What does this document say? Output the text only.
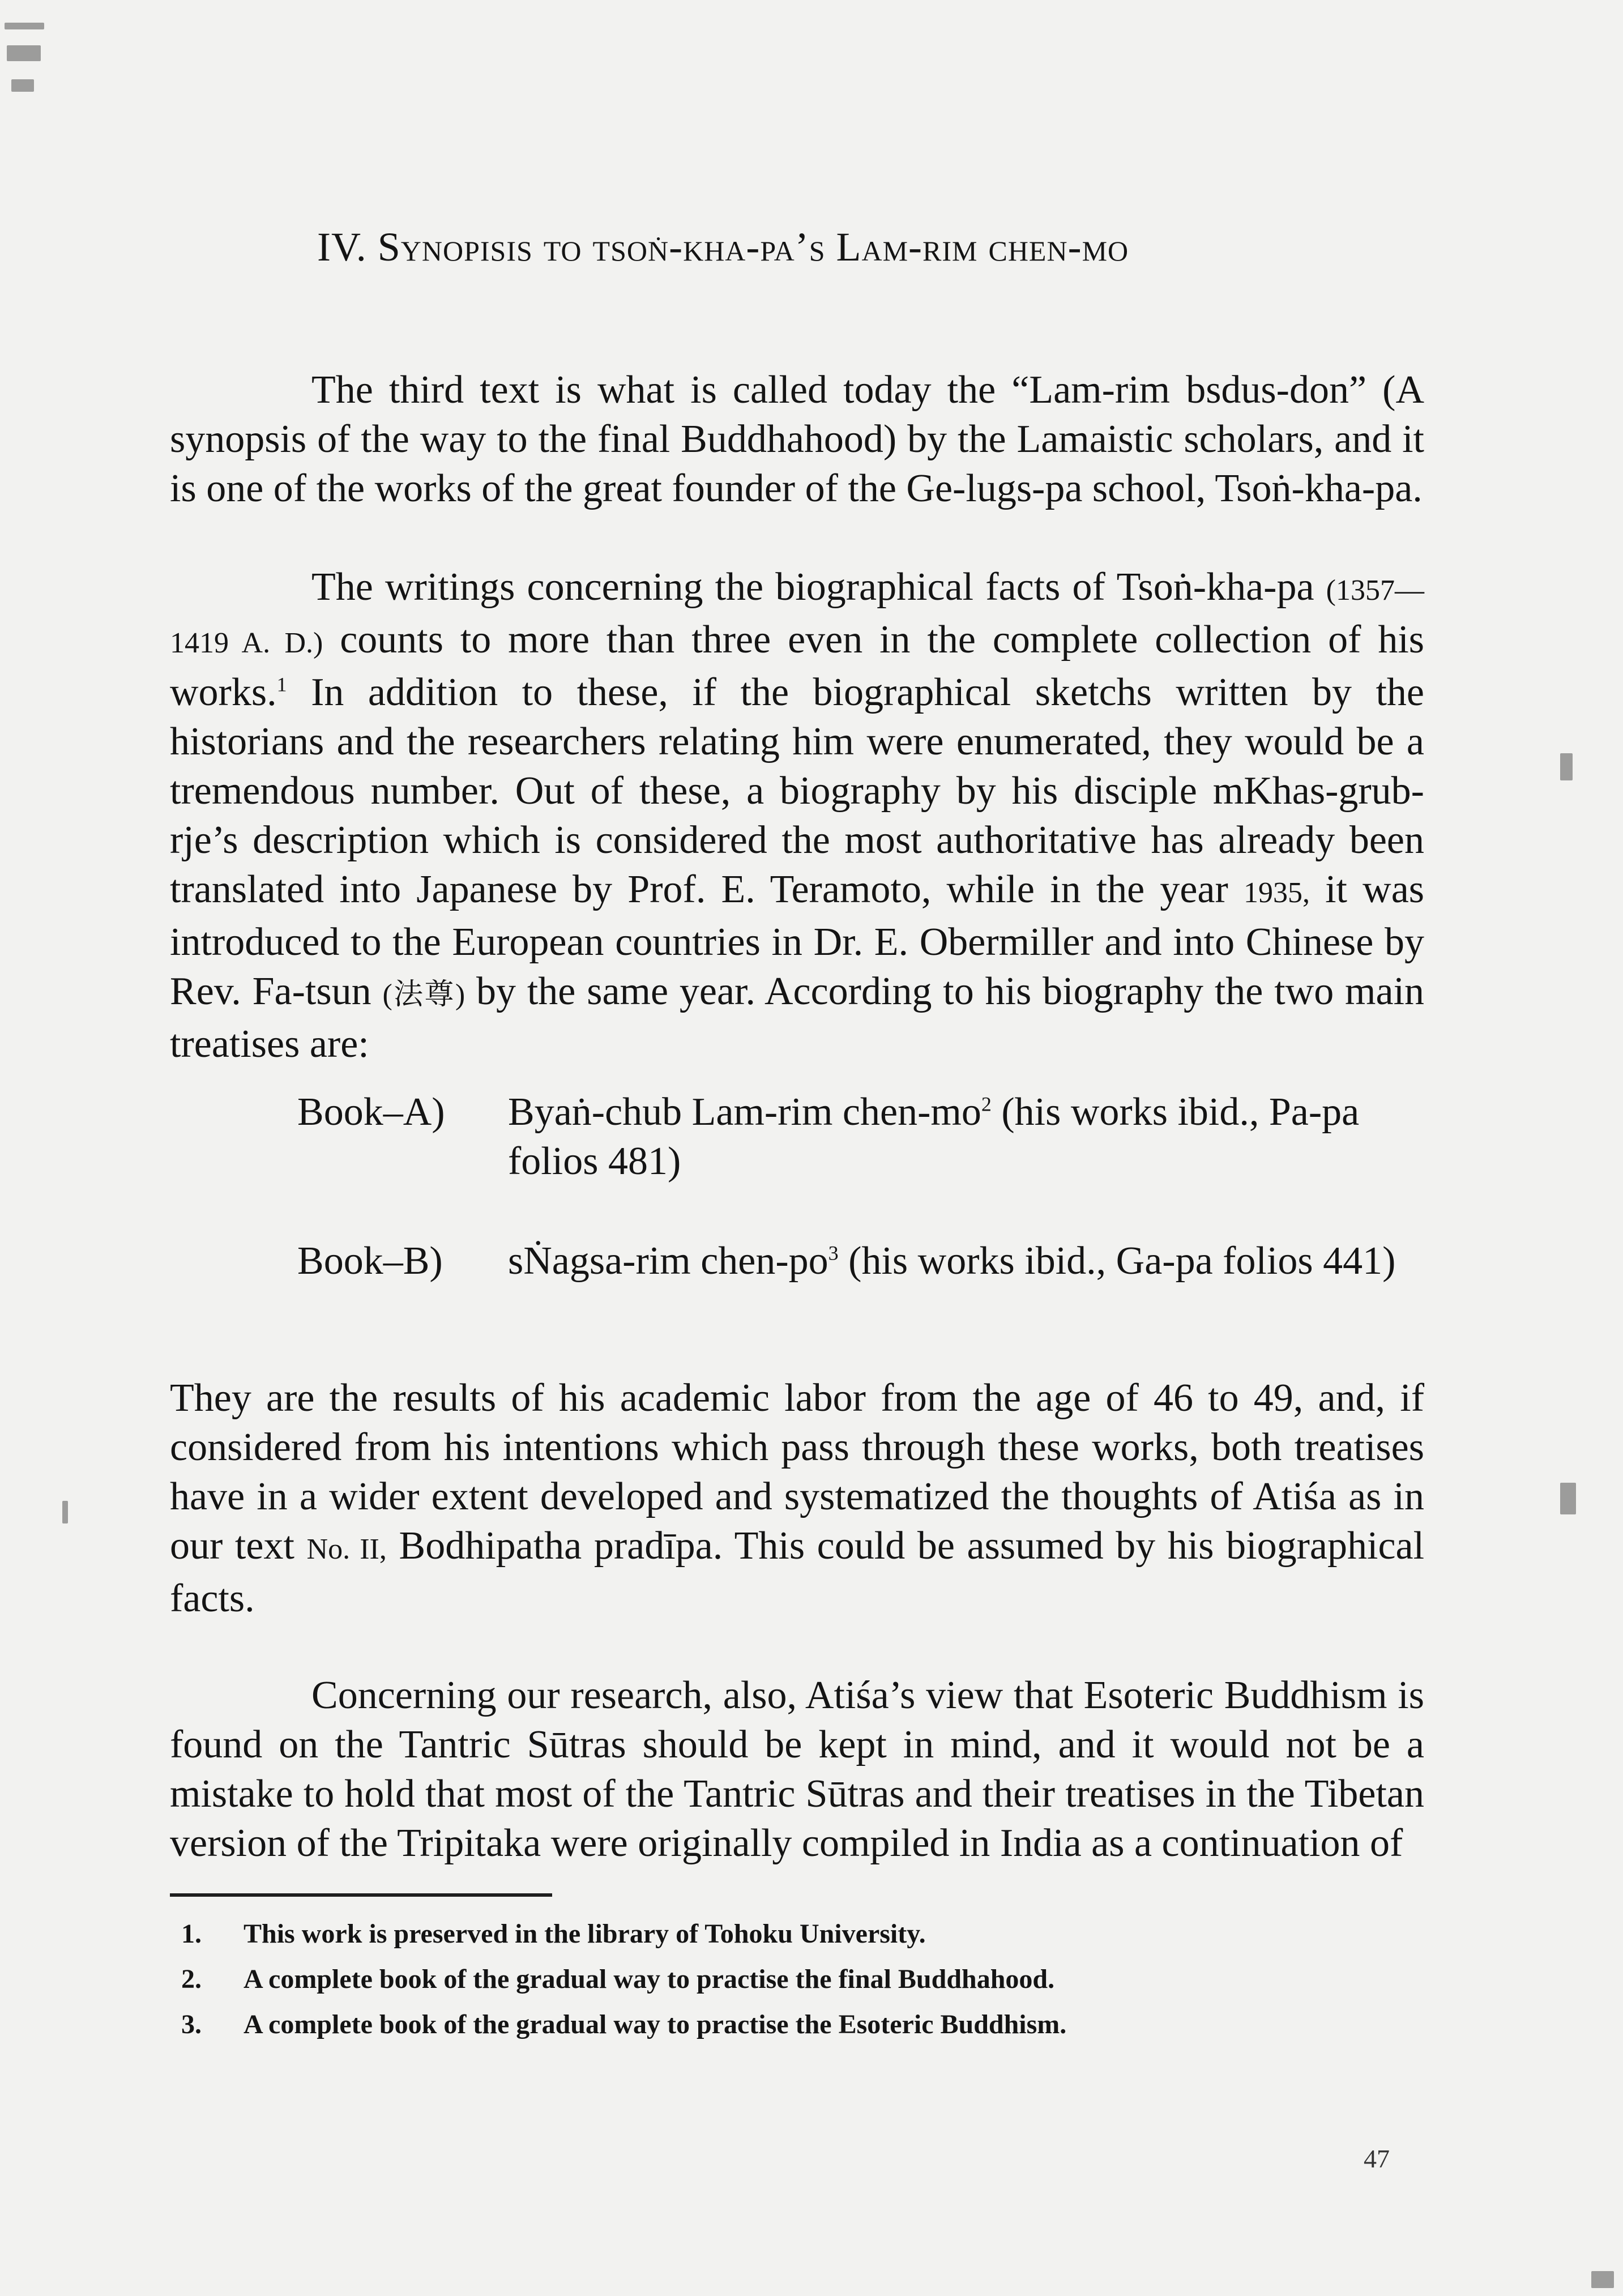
IV. Synopisis to tsoṅ-kha-pa’s Lam-rim chen-mo

The third text is what is called today the “Lam-rim bsdus-don” (A synopsis of the way to the final Buddhahood) by the Lamaistic scholars, and it is one of the works of the great founder of the Ge-lugs-pa school, Tsoṅ-kha-pa.

The writings concerning the biographical facts of Tsoṅ-kha-pa (1357—1419 A. D.) counts to more than three even in the complete collection of his works.$^1$ In addition to these, if the biographical sketchs written by the historians and the researchers relating him were enumerated, they would be a tremendous number. Out of these, a biography by his disciple mKhas-grub-rje’s description which is considered the most authoritative has already been translated into Japanese by Prof. E. Teramoto, while in the year 1935, it was introduced to the European countries in Dr. E. Obermiller and into Chinese by Rev. Fa-tsun (法尊) by the same year. According to his biography the two main treatises are:

Book–A) Byaṅ-chub Lam-rim chen-$mo^2$ (his works ibid., Pa-pa folios 481)
Book–B) sṄagsa-rim chen-$po^3$ (his works ibid., Ga-pa folios 441)

They are the results of his academic labor from the age of 46 to 49, and, if considered from his intentions which pass through these works, both treatises have in a wider extent developed and systematized the thoughts of Atiśa as in our text No. II, Bodhipatha pradīpa. This could be assumed by his biographical facts.

Concerning our research, also, Atiśa’s view that Esoteric Buddhism is found on the Tantric Sūtras should be kept in mind, and it would not be a mistake to hold that most of the Tantric Sūtras and their treatises in the Tibetan version of the Tripitaka were originally compiled in India as a continuation of

1. This work is preserved in the library of Tohoku University.
2. A complete book of the gradual way to practise the final Buddhahood.
3. A complete book of the gradual way to practise the Esoteric Buddhism.
47
